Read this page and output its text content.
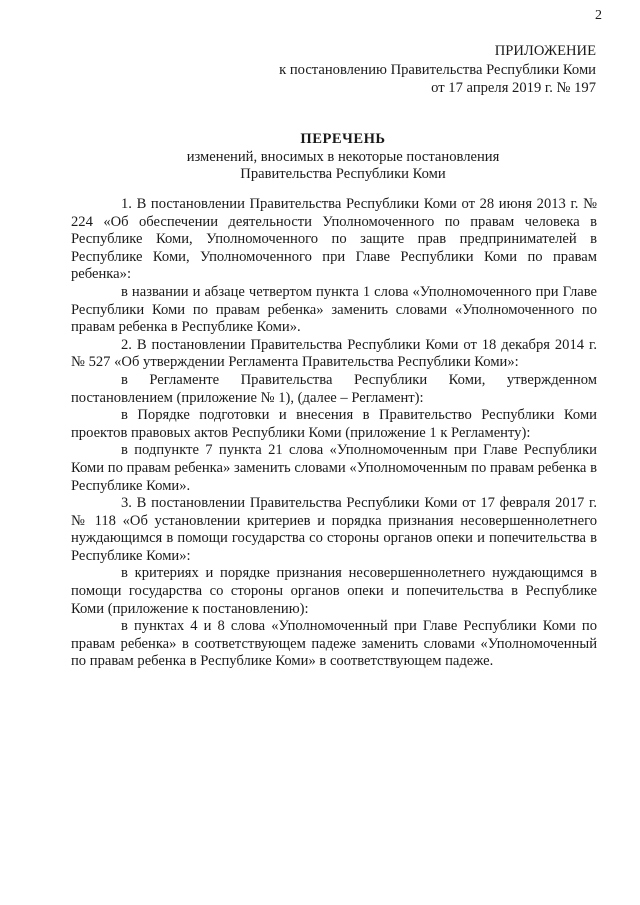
2
ПРИЛОЖЕНИЕ
к постановлению Правительства Республики Коми
от 17 апреля 2019 г. № 197
ПЕРЕЧЕНЬ
изменений, вносимых в некоторые постановления
Правительства Республики Коми

1. В постановлении Правительства Республики Коми от 28 июня 2013 г. № 224 «Об обеспечении деятельности Уполномоченного по правам человека в Республике Коми, Уполномоченного по защите прав предпринимателей в Республике Коми, Уполномоченного при Главе Республики Коми по правам ребенка»:

в названии и абзаце четвертом пункта 1 слова «Уполномоченного при Главе Республики Коми по правам ребенка» заменить словами «Уполномоченного по правам ребенка в Республике Коми».

2. В постановлении Правительства Республики Коми от 18 декабря 2014 г. № 527 «Об утверждении Регламента Правительства Республики Коми»:

в Регламенте Правительства Республики Коми, утвержденном постановлением (приложение № 1), (далее – Регламент):

в Порядке подготовки и внесения в Правительство Республики Коми проектов правовых актов Республики Коми (приложение 1 к Регламенту):

в подпункте 7 пункта 21 слова «Уполномоченным при Главе Республики Коми по правам ребенка» заменить словами «Уполномоченным по правам ребенка в Республике Коми».

3. В постановлении Правительства Республики Коми от 17 февраля 2017 г. № 118 «Об установлении критериев и порядка признания несовершеннолетнего нуждающимся в помощи государства со стороны органов опеки и попечительства в Республике Коми»:

в критериях и порядке признания несовершеннолетнего нуждающимся в помощи государства со стороны органов опеки и попечительства в Республике Коми (приложение к постановлению):

в пунктах 4 и 8 слова «Уполномоченный при Главе Республики Коми по правам ребенка» в соответствующем падеже заменить словами «Уполномоченный по правам ребенка в Республике Коми» в соответствующем падеже.
